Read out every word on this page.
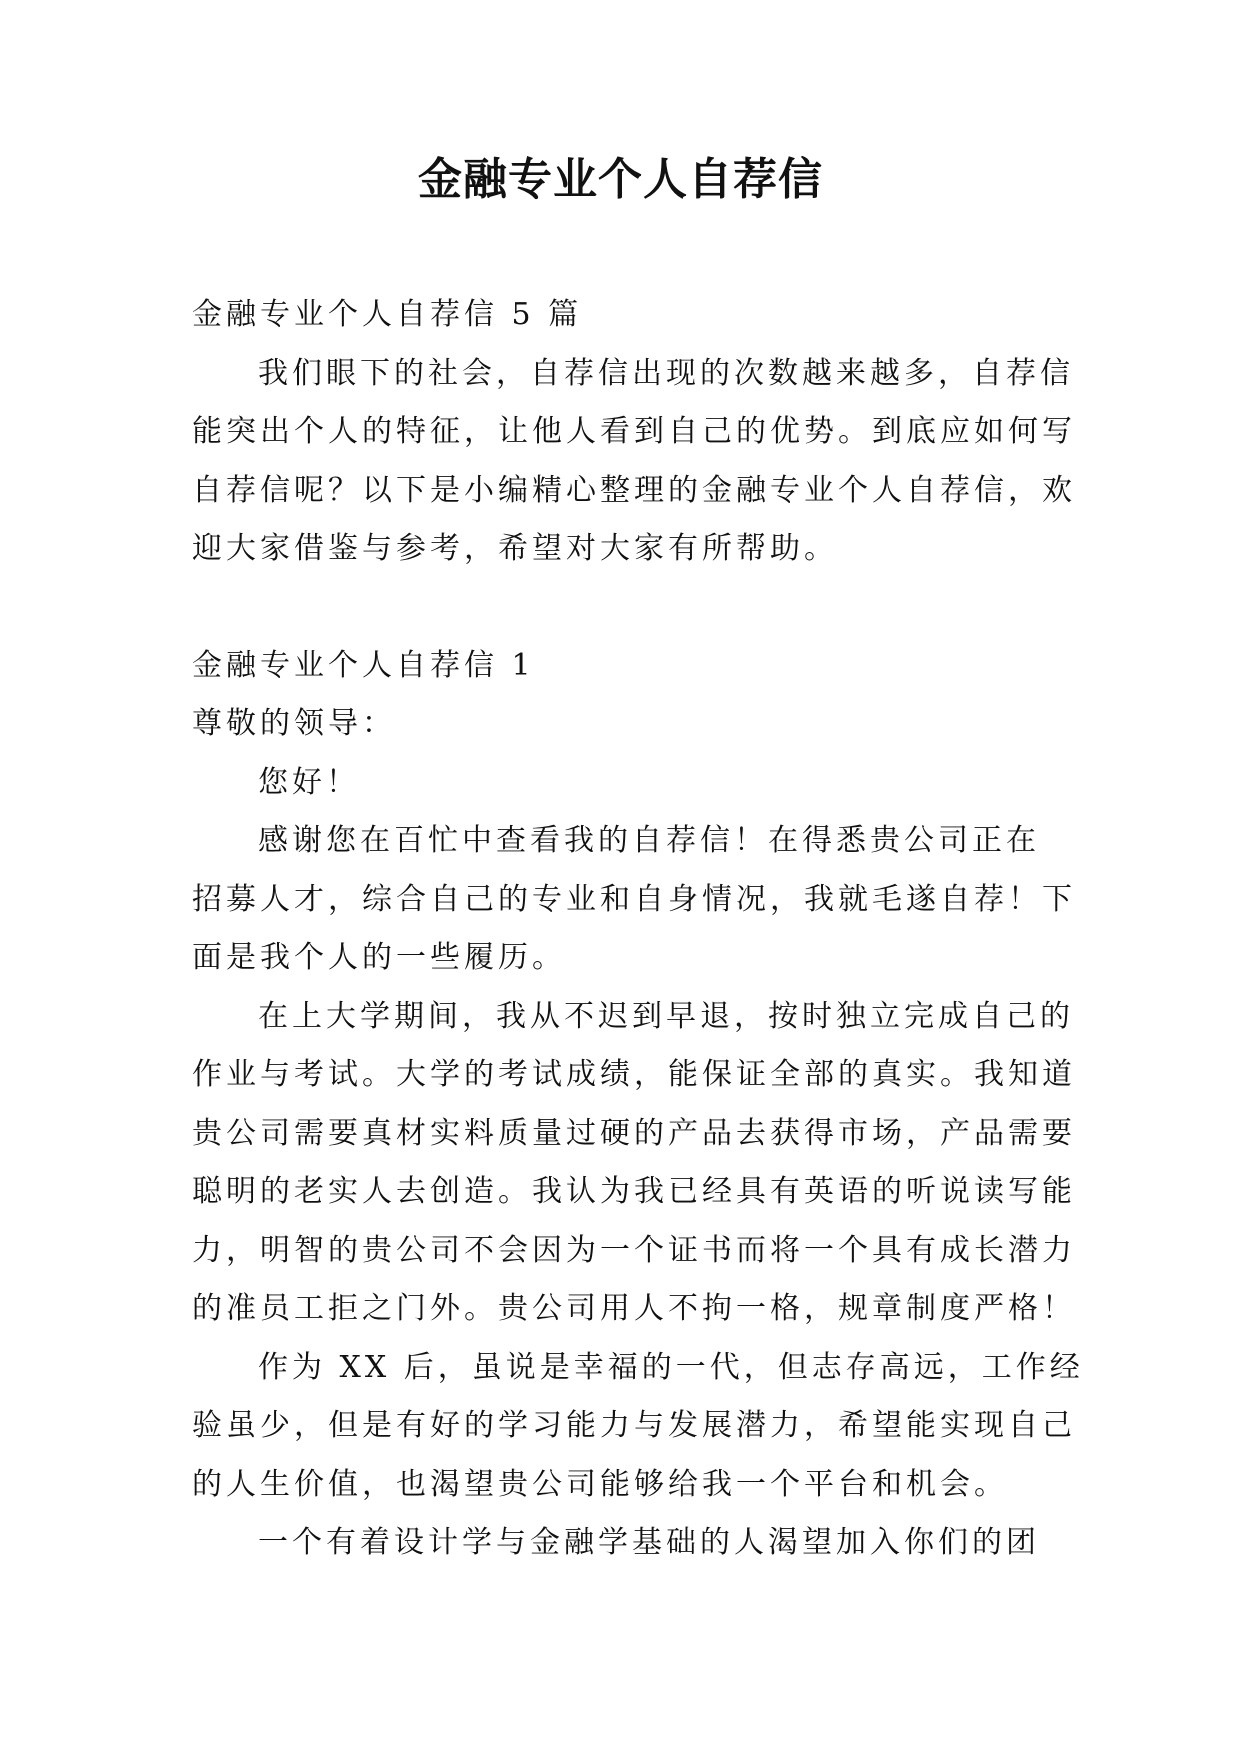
金融专业个人自荐信

金融专业个人自荐信 5 篇

我们眼下的社会，自荐信出现的次数越来越多，自荐信

能突出个人的特征，让他人看到自己的优势。到底应如何写

自荐信呢？以下是小编精心整理的金融专业个人自荐信，欢

迎大家借鉴与参考，希望对大家有所帮助。

金融专业个人自荐信 1

尊敬的领导：

您好！

感谢您在百忙中查看我的自荐信！在得悉贵公司正在

招募人才，综合自己的专业和自身情况，我就毛遂自荐！下

面是我个人的一些履历。

在上大学期间，我从不迟到早退，按时独立完成自己的

作业与考试。大学的考试成绩，能保证全部的真实。我知道

贵公司需要真材实料质量过硬的产品去获得市场，产品需要

聪明的老实人去创造。我认为我已经具有英语的听说读写能

力，明智的贵公司不会因为一个证书而将一个具有成长潜力

的准员工拒之门外。贵公司用人不拘一格，规章制度严格！

作为 XX 后，虽说是幸福的一代，但志存高远，工作经

验虽少，但是有好的学习能力与发展潜力，希望能实现自己

的人生价值，也渴望贵公司能够给我一个平台和机会。

一个有着设计学与金融学基础的人渴望加入你们的团
